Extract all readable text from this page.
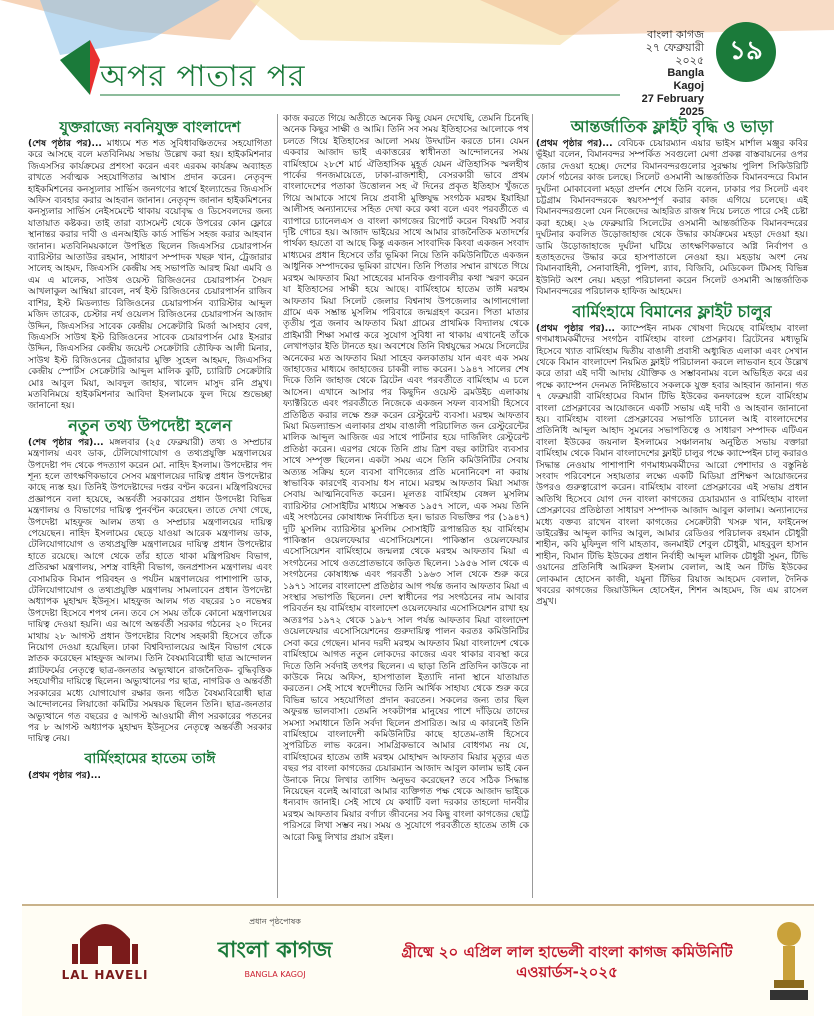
অপর পাতার পর
বাংলা কাগজ
২৭ ফেব্রুয়ারী ২০২৫
Bangla Kagoj
27 February 2025
১৯
যুক্তরাজ্যে নবনিযুক্ত বাংলাদেশ

(শেষ পৃষ্ঠার পর)... মাধ্যমে শত শত সুবিধাবঞ্চিতদের সহযোগিতা করে আসছে বলে মতবিনিময় সভায় উল্লেখ করা হয়। হাইকমিশনার জিএসসির কার্যক্রমের প্রশংসা করেন এবং এরকম কার্যক্রম অব্যাহত রাখতে সর্বাত্মক সহযোগিতার আশ্বাস প্রদান করেন। নেতৃবৃন্দ হাইকমিশনের কনস্যুলার সার্ভিস জনগণের স্বার্থে ইংল্যান্ডের জিএসসি অফিস ব্যবহার করার আহবান জানান। নেতৃবৃন্দ জানান হাইকমিশনের কনস্যুলার সার্ভিস নেইসমেন্টে থাকায় বয়োবৃদ্ধ ও ডিসেবলদের জন্য যাতায়াত কষ্টকর। তাই তারা ব্যাসমেন্ট থেকে উপরের কোন ফ্লোরে স্থানান্তর করার দাবী ও এনআইডি কার্ড সার্ভিস সহজ করার আহবান জানান। মতবিনিময়কালে উপস্থিত ছিলেন জিএসসির চেয়ারপার্সন ব্যারিস্টার আতাউর রহমান, সাধারণ সম্পাদক খছরু খান, ট্রেজারার সালেহ আহমদ, জিএসসি কেন্দ্রীয় সহ সভাপতি আরহু মিয়া এমবি ও এম এ মালেক, সাউথ ওয়েস্ট রিজিওনের চেয়ারপার্সন সৈয়দ আখলাকুল আম্বিয়া রাবেল, নর্থ ইস্ট রিজিওনের চেয়ারপার্সন রাজিব বাশির, ইস্ট মিডল্যান্ড রিজিওনের চেয়ারপার্সন ব্যারিস্টার আব্দুল মজিদ তারেক, চেস্টার নর্থ ওয়েলস রিজিওনের চেয়ারপার্সন আজাদ উদ্দিন, জিএসসির সাবেক কেন্দ্রীয় সেক্রেটারি মির্জা আসহাব বেগ, জিএসসি সাউথ ইস্ট রিজিওনের সাবেক চেয়ারপার্সন মোঃ ইসরার উদ্দিন, জিএসসির কেন্দ্রীয় জয়েন্ট সেক্রেটারি তৌফিক আলী মিনার, সাউথ ইস্ট রিজিওনের ট্রেজারার মুক্তি সুহেল আহমদ, জিএসসির কেন্দ্রীয় স্পোর্টস সেক্রেটারি আব্দুল মালিক কুটি, চ্যারিটি সেক্রেটারি মোঃ আবুল মিয়া, আবদুল জাহার, খালেদ মাসুদ রনি প্রমুখ। মতবিনিময়ে হাইকমিশনার আবিদা ইসলামকে ফুল দিয়ে শুভেচ্ছা জানানো হয়।

নতুন তথ্য উপদেষ্টা হলেন

(শেষ পৃষ্ঠার পর)... মঙ্গলবার (২৫ ফেব্রুয়ারী) তথ্য ও সম্প্রচার মন্ত্রণালয় এবং ডাক, টেলিযোগাযোগ ও তথ্যপ্রযুক্তি মন্ত্রণালয়ের উপদেষ্টা পদ থেকে পদত্যাগ করেন মো. নাহিদ ইসলাম। উপদেষ্টার পদ শূন্য হলে তাৎক্ষণিকভাবে সেসব মন্ত্রণালয়ের দায়িত্ব প্রধান উপদেষ্টার কাছে ন্যস্ত হয়। তিনিই উপদেষ্টাদের দপ্তর বণ্টন করেন। মন্ত্রিপরিষদের প্রজ্ঞাপনে বলা হয়েছে, অন্তর্বর্তী সরকারের প্রধান উপদেষ্টা বিভিন্ন মন্ত্রণালয় ও বিভাগের দায়িত্ব পুনর্বণ্টন করেছেন। তাতে দেখা গেছে, উপদেষ্টা মাহফুজ আলম তথ্য ও সম্প্রচার মন্ত্রণালয়ের দায়িত্ব পেয়েছেন। নাহিদ ইসলামের ছেড়ে যাওয়া আরেক মন্ত্রণালয় ডাক, টেলিযোগাযোগ ও তথ্যপ্রযুক্তি মন্ত্রণালয়ের দায়িত্ব প্রধান উপদেষ্টার হাতে রয়েছে। আগে থেকে তাঁর হাতে থাকা মন্ত্রিপরিষদ বিভাগ, প্রতিরক্ষা মন্ত্রণালয়, সশস্ত্র বাহিনী বিভাগ, জনপ্রশাসন মন্ত্রণালয় এবং বেসামরিক বিমান পরিবহন ও পর্যটন মন্ত্রণালয়ের পাশাপাশি ডাক, টেলিযোগাযোগ ও তথ্যপ্রযুক্তি মন্ত্রণালয় সামলাবেন প্রধান উপদেষ্টা অধ্যাপক মুহাম্মদ ইউনূস। মাহফুজ আলম গত বছরের ১০ নভেম্বর উপদেষ্টা হিসেবে শপথ নেন। তবে সে সময় তাঁকে কোনো মন্ত্রণালয়ের দায়িত্ব দেওয়া হয়নি। এর আগে অন্তর্বর্তী সরকার গঠনের ২০ দিনের মাথায় ২৮ আগস্ট প্রধান উপদেষ্টার বিশেষ সহকারী হিসেবে তাঁকে নিয়োগ দেওয়া হয়েছিল। ঢাকা বিশ্ববিদ্যালয়ের আইন বিভাগ থেকে স্নাতক করেছেন মাহফুজ আলম। তিনি বৈষম্যবিরোধী ছাত্র আন্দোলন প্ল্যাটফর্মের নেতৃত্বে ছাত্র-জনতার অভ্যুত্থানে রাজনৈতিক- বুদ্ধিবৃত্তিক সহযোগীর দায়িত্বে ছিলেন। অভ্যুত্থানের পর ছাত্র, নাগরিক ও অন্তর্বর্তী সরকারের মধ্যে যোগাযোগ রক্ষার জন্য গঠিত বৈষম্যবিরোধী ছাত্র আন্দোলনের লিয়াজো কমিটির সমন্বয়ক ছিলেন তিনি। ছাত্র-জনতার অভ্যুত্থানে গত বছরের ৫ আগস্ট আওয়ামী লীগ সরকারের পতনের পর ৮ আগস্ট অধ্যাপক মুহাম্মদ ইউনূসের নেতৃত্বে অন্তর্বর্তী সরকার দায়িত্ব নেয়।

বার্মিংহামের হাতেম তাঈ

(প্রথম পৃষ্ঠার পর)...

কাজ করতে গিয়ে অতীতে অনেক কিছু যেমন দেখেছি, তেমনি চিনেছি অনেক কিছুর সাক্ষী ও আমি। তিনি সব সময় ইতিহাসের আলোকে পথ চলতে গিয়ে ইতিহাসের আলো সময় উদঘাটন করতে চান। যেমন একবার আজাদ ভাই একাত্তরের স্বাধীনতা আন্দোলনের সময় বার্মিংহামে ২৮শে মার্চ ঐতিহাসিক মুহূর্ত যেমন ঐতিহাসিক স্মলহীথ পার্কের গনজমায়েতে, ঢাকা-রাজশাহী, বেসরকারী ভাবে প্রথম বাংলাদেশের পতাকা উত্তোলন সহ ঐ দিনের প্রকৃত ইতিহাস খুঁজতে গিয়ে আমাকে সাথে নিয়ে প্রবাসী মুক্তিযুদ্ধ সংগঠক মরহুম ইয়াহিয়া আলীসহ অন্যান্যদের সহিত দেখা করে কথা বলে এবং পরবর্তীতে এ ব্যাপারে চ্যানেলএস ও বাংলা কাগজের রিপোর্ট করেন বিষয়টি সবার দৃষ্টি গোচর হয়। আজাদ ভাইয়ের সাথে আমার রাজনৈতিক মতাদর্শের পার্থক্য হয়তো বা আছে কিন্তু একজন সাংবাদিক কিংবা একজন সংবাদ মাধ্যমের প্রধান হিসেবে তাঁর ভূমিকা নিয়ে তিনি কমিউনিটিতে একজন আধুনিক সম্পাদকের ভূমিকা রাখেন। তিনি পিতার সম্মান রাখতে গিয়ে মরহুম আফতাব মিয়া সাহেবের মানবিক গুণাবলীর কথা স্মরণ করেন যা ইতিহাসের সাক্ষী হয়ে আছে। বার্মিংহামে হাতেম তাঈ মরহুম আফতাব মিয়া সিলেট জেলার বিশ্বনাথ উপজেলার আগানগোলা গ্রামে এক সম্ভ্রান্ত মুসলিম পরিবারে জন্মগ্রহণ করেন। পিতা মাতার তৃতীয় পুত্র জনাব আফতাব মিয়া গ্রামের প্রাথমিক বিদ্যালয় থেকে প্রাইমারী শিক্ষা সমাপ্ত করে সুযোগ সুবিধা না থাকায় এখানেই তাঁকে লেখাপড়ার ইতি টানতে হয়। অবশেষে তিনি বিশ্বযুদ্ধের সময়ে সিলেটের অনেকের মত আফতাব মিয়া সাহেব কলকাতায় যান এবং এক সময় জাহাজের মাধ্যমে জাহাজের চাকরী লাভ করেন। ১৯৪৭ সালের শেষ দিকে তিনি জাহাজ থেকে ব্রিটেন এবং পরবর্তীতে বার্মিংহাম এ চলে আসেন। এখানে আসার পর কিছুদিন ওয়েস্ট ব্রমউইচ এলাকায় ফ্যাক্টরিতে এবং পরবর্তীতে নিজেকে একজন সফল ব্যবসায়ী হিসেবে প্রতিষ্ঠিত করার লক্ষে শুরু করেন রেস্টুরেন্ট ব্যবসা। মরহুম আফতাব মিয়া মিডল্যান্ডস এলাকার প্রথম বাঙালী পরিচালিত জন রেস্টুরেন্টের মালিক আব্দুল আজিজ এর সাথে পার্টনার হয়ে দার্জিলিং রেস্টুরেন্ট প্রতিষ্ঠা করেন। এরপর থেকে তিনি প্রায় ত্রিশ বছর কাটারিং ব্যবসার সাথে সম্পৃক্ত ছিলেন। একটা সময় এসে তিনি কমিউনিটির সেবায় অত্যন্ত সক্রিয় হলে ব্যবসা বাণিজ্যের প্রতি মনোনিবেশ না করায় স্বাভাবিক কারণেই ব্যবসায় ধস নামে। মরহুম আফতাব মিয়া সমাজ সেবায় আত্মনিবেদিত করেন। মূলতঃ বার্মিংহাম বেঙ্গল মুসলিম ব্যারিস্টার সোসাইটির মাধ্যমে সম্ভবত ১৯৫৭ সালে, এক সময় তিনি এই সংগঠনের কোষাধ্যক্ষ নির্বাচিত হন। ভারত বিভক্তির পর (১৯৪৭) দুটি মুসলিম ব্যারিস্টার মুসলিম সোসাইটি রূপান্তরিত হয় বার্মিংহাম পাকিস্তান ওয়েলফেয়ার এসোসিয়েশনে। পাকিস্তান ওয়েলফেয়ার এসোসিয়েশন বার্মিংহামে জন্মলগ্ন থেকে মরহুম আফতাব মিয়া এ সংগঠনের সাথে ওতপ্রোতভাবে জড়িত ছিলেন। ১৯৫৬ সাল থেকে এ সংগঠনের কোষাধ্যক্ষ এবং পরবর্তী ১৯৬৩ সাল থেকে শুরু করে ১৯৭১ সালের বাংলাদেশ প্রতিষ্ঠার আগ পর্যন্ত জনাব আফতাব মিয়া এ সংস্থার সভাপতি ছিলেন। দেশ স্বাধীনের পর সংগঠনের নাম আবার পরিবর্তন হয় বার্মিংহাম বাংলাদেশ ওয়েলফেয়ার এসোসিয়েশন রাখা হয় অতঃপর ১৯৭২ থেকে ১৯৮৭ সাল পর্যন্ত আফতাব মিয়া বাংলাদেশ ওয়েলফেয়ার এসোসিয়েশনের গুরুদায়িত্ব পালন করতঃ কমিউনিটির সেবা করে গেছেন। মানব দরদী মরহুম আফতাব মিয়া বাংলাদেশ থেকে বার্মিংহামে আগত নতুন লোকদের কাজের এবং থাকার ব্যবস্থা করে দিতে তিনি সর্বদাই তৎপর ছিলেন। এ ছাড়া তিনি প্রতিদিন কাউকে না কাউকে নিয়ে অফিস, হাসপাতাল ইত্যাদি নানা স্থানে যাতায়াত করতেন। সেই সাথে স্বদেশীদের তিনি আর্থিক সাহায্য থেকে শুরু করে বিভিন্ন ভাবে সহযোগিতা প্রদান করতেন। সকলের জন্য তার ছিল অফুরন্ত ভালবাসা। তেমনি সংকটাপন্ন মানুষের পাশে দাঁড়িয়ে তাদের সমস্যা সমাধানে তিনি সর্বদা ছিলেন প্রসারিত। আর এ কারনেই তিনি বার্মিংহামে বাংলাদেশী কমিউনিটির কাছে হাতেম-তাঈ হিসেবে সুপরিচিত লাভ করেন। সামগ্রিকভাবে আমার বোধগম্য নয় যে, বার্মিংহামের হাতেম তাঈ মরহুম মোহাম্মদ আফতাব মিয়ার মৃত্যুর এত বছর পর বাংলা কাগজের চেয়ারম্যান আজাদ আবুল কালাম ভাই কেন উনাকে নিয়ে লিখার তাগিদ অনুভব করেছেন? তবে সঠিক সিদ্ধান্ত নিয়েছেন বলেই আবারো আমার ব্যক্তিগত পক্ষ থেকে আজাদ ভাইকে ধন্যবাদ জানাই। সেই সাথে যে কথাটি বলা দরকার তাহলো দানবীর মরহুম আফতাব মিয়ার বর্ণাঢ্য জীবনের সব কিছু বাংলা কাগজের ছোট্ট পরিসরে লিখা সম্ভব নয়। সময় ও সুযোগে পরবর্তীতে হাতেম তাঈ কে আরো কিছু লিখার প্রয়াস রইল।

আন্তর্জাতিক ফ্লাইট বৃদ্ধি ও ভাড়া

(প্রথম পৃষ্ঠার পর)... বেবিচক চেয়ারম্যান এয়ার ভাইস মার্শাল মঞ্জুর কবির ভূঁইয়া বলেন, বিমানবন্দর সম্পর্কিত সবগুলো মেগা প্রকল্প বাস্তবায়নের ওপর জোর দেওয়া হচ্ছে। দেশের বিমানবন্দরগুলোর সুরক্ষায় পুলিশ সিকিউরিটি ফোর্স গঠনের কাজ চলছে। সিলেট ওসমানী আন্তর্জাতিক বিমানবন্দরে বিমান দুর্ঘটনা মোকাবেলা মহড়া প্রদর্শন শেষে তিনি বলেন, ঢাকার পর সিলেট এবং চট্টগ্রাম বিমানবন্দরকে স্বয়ংসম্পূর্ণ করার কাজ এগিয়ে চলেছে। এই বিমানবন্দরগুলো যেন নিজেদের আহরিত রাজস্ব দিয়ে চলতে পারে সেই চেষ্টা করা হচ্ছে। ২৬ ফেব্রুয়ারি সিলেটের ওসমানী আন্তর্জাতিক বিমানবন্দরের দুর্ঘটনার কবলিত উড়োজাহাজ থেকে উদ্ধার কার্যক্রমের মহড়া দেওয়া হয়। ডামি উড়োজাহাজে দুর্ঘটনা ঘটিয়ে তাৎক্ষণিকভাবে অগ্নি নির্বাপণ ও হতাহতদের উদ্ধার করে হাসপাতালে নেওয়া হয়। মহড়ায় অংশ নেয় বিমানবাহিনী, সেনাবাহিনী, পুলিশ, র‍্যাব, বিজিবি, মেডিকেল টিমসহ বিভিন্ন ইউনিট অংশ নেয়। মহড়া পরিচালনা করেন সিলেট ওসমানী আন্তর্জাতিক বিমানবন্দরের পরিচালক হাফিজ আহমেদ।

বার্মিংহামে বিমানের ফ্লাইট চালুর

(প্রথম পৃষ্ঠার পর)... ক্যাম্পেইন নামক খোষণা দিয়েছে বার্মিংহাম বাংলা গণমাধ্যমকর্মীদের সংগঠন বার্মিংহাম বাংলা প্রেসক্লাব। ব্রিটেনের মধ্যভূমি হিসেবে খ্যাত বার্মিংহাম দ্বিতীয় বাঙালী প্রবাসী অধ্যুষিত এলাকা এবং সেখান থেকে বিমান বাংলাদেশ নিয়মিত ফ্লাইট পরিচালনা করলে লাভবান হবে উল্লেখ করে তারা এই দাবী আদায় যৌক্তিক ও সম্ভাবনাময় বলে অভিহিত করে এর পক্ষে ক্যাম্পেন দেনমত নির্দিষ্টভাবে সকলকে যুক্ত হবার আহবান জানান। গত ৭ ফেব্রুয়ারী বার্মিংহামের বিমান টিভি ইউকের কনফারেন্স হলে বার্মিংহাম বাংলা প্রেসক্লাবের আয়োজনে একটি সভায় এই দাবী ও আহবান জানানো হয়। বার্মিংহাম বাংলা প্রেসক্লাবের সভাপতি চ্যানেল আই বাংলাদেশের প্রতিনিধি আব্দুল আহাদ সুমনের সভাপতিত্বে ও সাধারণ সম্পাদক এটিএন বাংলা ইউকের জয়নাল ইসলামের সঞ্চালনায় অনুষ্ঠিত সভায় বক্তারা বার্মিংহাম থেকে বিমান বাংলাদেশের ফ্লাইট চালুর পক্ষে ক্যাম্পেইন চালু করারও সিদ্ধান্ত নেওয়ায় পাশাপাশি গণমাধ্যমকর্মীদের আরো পেশাদার ও বস্তুনিষ্ঠ সংবাদ পরিবেশনে সহায়তার লক্ষ্যে একটি মিডিয়া প্রশিক্ষণ আয়োজনের উপরও গুরুত্বারোপ করেন। বার্মিংহাম বাংলা প্রেসক্লাবের এই সভায় প্রধান অতিথি হিসেবে যোগ দেন বাংলা কাগজের চেয়ারম্যান ও বার্মিংহাম বাংলা প্রেসক্লাবের প্রতিষ্ঠাতা সাধারণ সম্পাদক আজাদ আবুল কালাম। অন্যান্যদের মধ্যে বক্তব্য রাখেন বাংলা কাগজের সেক্রেটারী খসরু খান, ফাইনেন্স ডাইরেক্টর আব্দুল কাদির আবুল, আমার রেডিওর পরিচালক রহমান চৌধুরী শাহীন, কবি মুফিদুল গণি মাহতাব, জনমাইট শেবুল চৌধুরী, মাহবুবুল হাসান শাহীন, বিমান টিভি ইউকের প্রধান নির্বাহী আব্দুল মালিক চৌধুরী সুমন, টিভি ওয়ানের প্রতিনিধি আমিরুল ইসলাম বেলাল, আই অন টিভি ইউকের লোকমান হোসেন কাজী, যমুনা টিভির রিয়াজ আহমেদ বেলাল, দৈনিক খবরের কাগজের জিয়াউদ্দিন হোসেইন, শিশন আহমেদ, জি এম রাসেল প্রমুখ।

LAL HAVELI
প্রধান পৃষ্ঠপোষক
বাংলা কাগজ
BANGLA KAGOJ
গ্রীষ্মে ২০ এপ্রিল লাল হাভেলী বাংলা কাগজ কমিউনিটি এওয়ার্ডস-২০২৫
